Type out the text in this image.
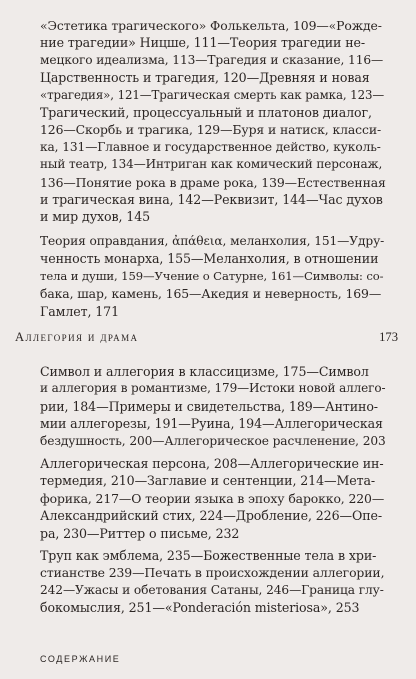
«Эстетика трагического» Фолькельта, 109—«Рожде-
ние трагедии» Ницше, 111—Теория трагедии не-
мецкого идеализма, 113—Трагедия и сказание, 116—
Царственность и трагедия, 120—Древняя и новая
«трагедия», 121—Трагическая смерть как рамка, 123—
Трагический, процессуальный и платонов диалог,
126—Скорбь и трагика, 129—Буря и натиск, класси-
ка, 131—Главное и государственное действо, куколь-
ный театр, 134—Интриган как комический персонаж,
136—Понятие рока в драме рока, 139—Естественная
и трагическая вина, 142—Реквизит, 144—Час духов
и мир духов, 145
Теория оправдания, ἀπάθεια, меланхолия, 151—Удру-
ченность монарха, 155—Меланхолия, в отношении
тела и души, 159—Учение о Сатурне, 161—Символы: со-
бака, шар, камень, 165—Акедия и неверность, 169—
Гамлет, 171
Аллегория и драма	173
Символ и аллегория в классицизме, 175—Символ
и аллегория в романтизме, 179—Истоки новой аллего-
рии, 184—Примеры и свидетельства, 189—Антино-
мии аллегорезы, 191—Руина, 194—Аллегорическая
бездушность, 200—Аллегорическое расчленение, 203
Аллегорическая персона, 208—Аллегорические ин-
термедия, 210—Заглавие и сентенции, 214—Мета-
форика, 217—О теории языка в эпоху барокко, 220—
Александрийский стих, 224—Дробление, 226—Опе-
ра, 230—Риттер о письме, 232
Труп как эмблема, 235—Божественные тела в хри-
стианстве 239—Печать в происхождении аллегории,
242—Ужасы и обетования Сатаны, 246—Граница глу-
бокомыслия, 251—«Ponderación misteriosa», 253
СОДЕРЖАНИЕ
